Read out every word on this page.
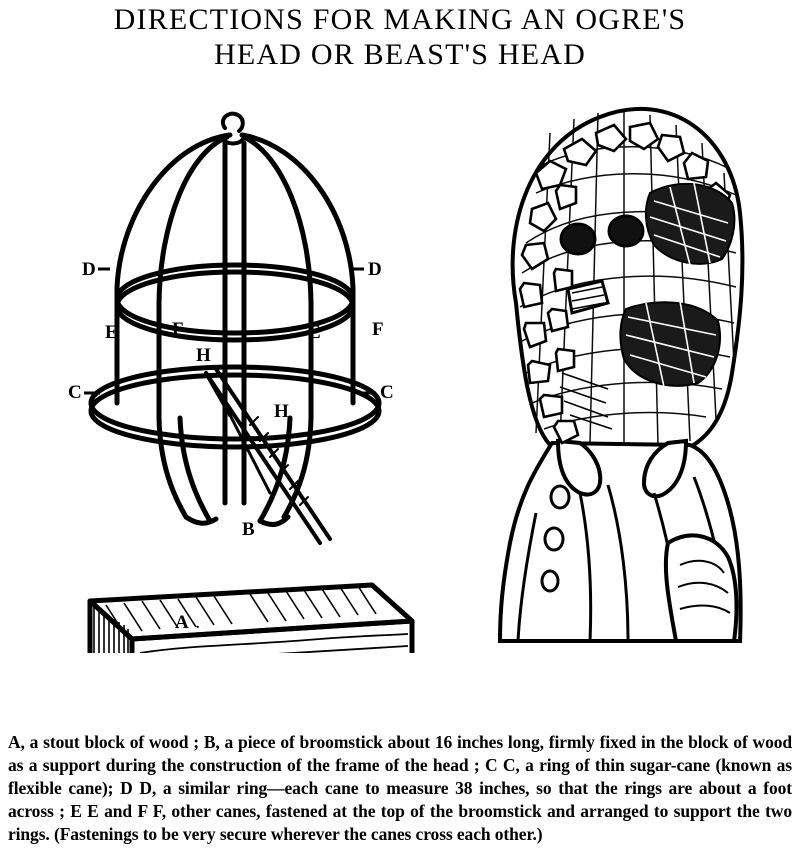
DIRECTIONS FOR MAKING AN OGRE'S
HEAD OR BEAST'S HEAD
D	D
E	E
F	F
C	C
H
H
B
A .

A, a stout block of wood ; B, a piece of broomstick about 16 inches long, firmly fixed in the block of wood as a support during the construction of the frame of the head ; C C, a ring of thin sugar-cane (known as flexible cane); D D, a similar ring—each cane to measure 38 inches, so that the rings are about a foot across ; E E and F F, other canes, fastened at the top of the broomstick and arranged to support the two rings. (Fastenings to be very secure wherever the canes cross each other.)
